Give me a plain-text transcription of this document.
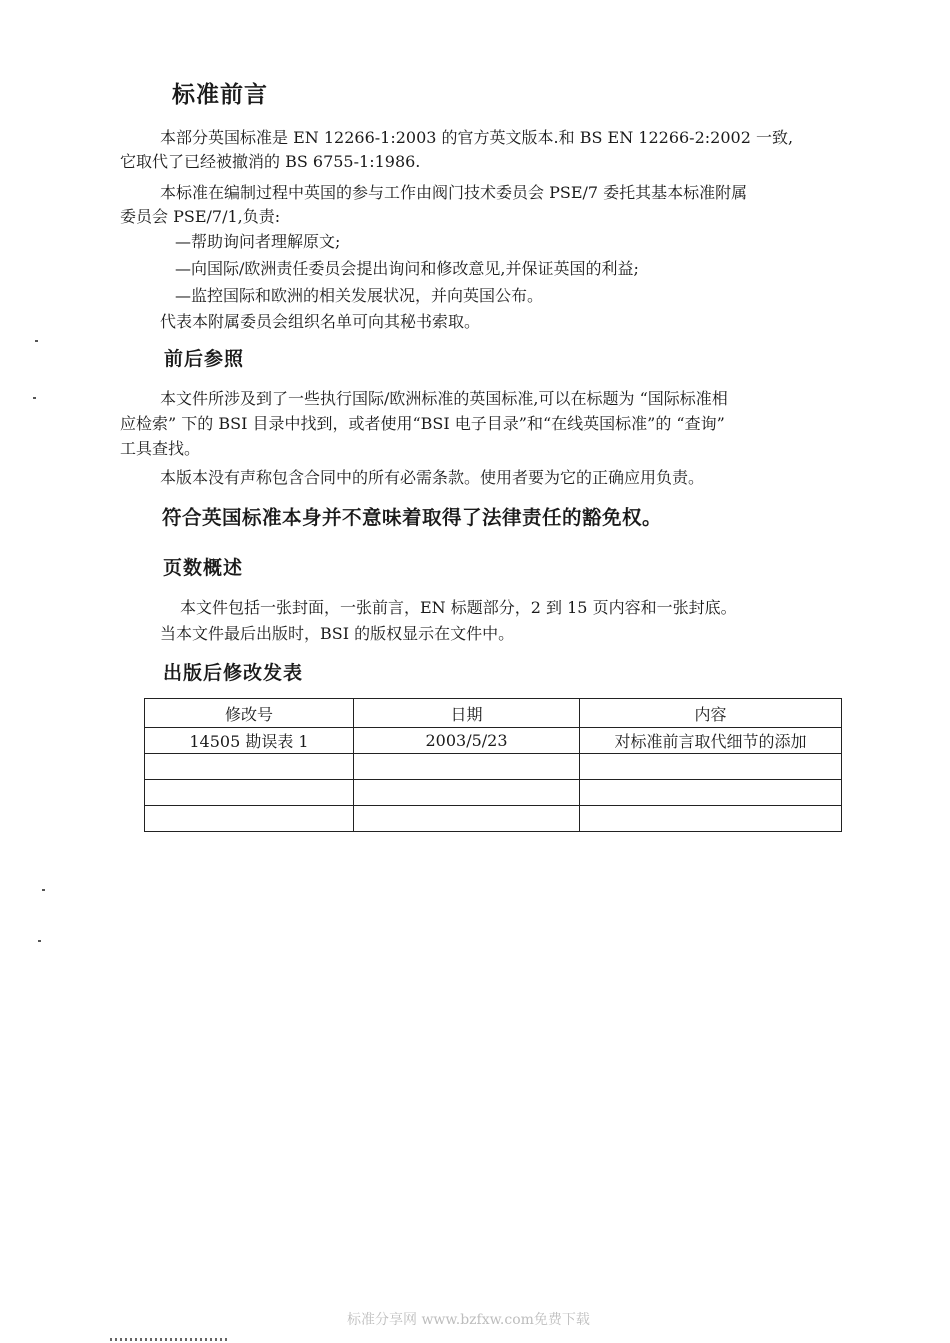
标准前言
本部分英国标准是 EN 12266-1:2003 的官方英文版本.和 BS EN 12266-2:2002 一致,
它取代了已经被撤消的 BS 6755-1:1986.
本标准在编制过程中英国的参与工作由阀门技术委员会 PSE/7 委托其基本标准附属
委员会 PSE/7/1,负责:
—帮助询问者理解原文;
—向国际/欧洲责任委员会提出询问和修改意见,并保证英国的利益;
—监控国际和欧洲的相关发展状况，并向英国公布。
代表本附属委员会组织名单可向其秘书索取。
前后参照
本文件所涉及到了一些执行国际/欧洲标准的英国标准,可以在标题为 “国际标准相
应检索” 下的 BSI 目录中找到，或者使用“BSI 电子目录”和“在线英国标准”的 “查询”
工具查找。
本版本没有声称包含合同中的所有必需条款。使用者要为它的正确应用负责。
符合英国标准本身并不意味着取得了法律责任的豁免权。
页数概述
本文件包括一张封面，一张前言，EN 标题部分，2 到 15 页内容和一张封底。
当本文件最后出版时，BSI 的版权显示在文件中。
出版后修改发表
修改号	日期	内容
14505 勘误表 1	2003/5/23	对标准前言取代细节的添加

标准分享网 www.bzfxw.com免费下载
